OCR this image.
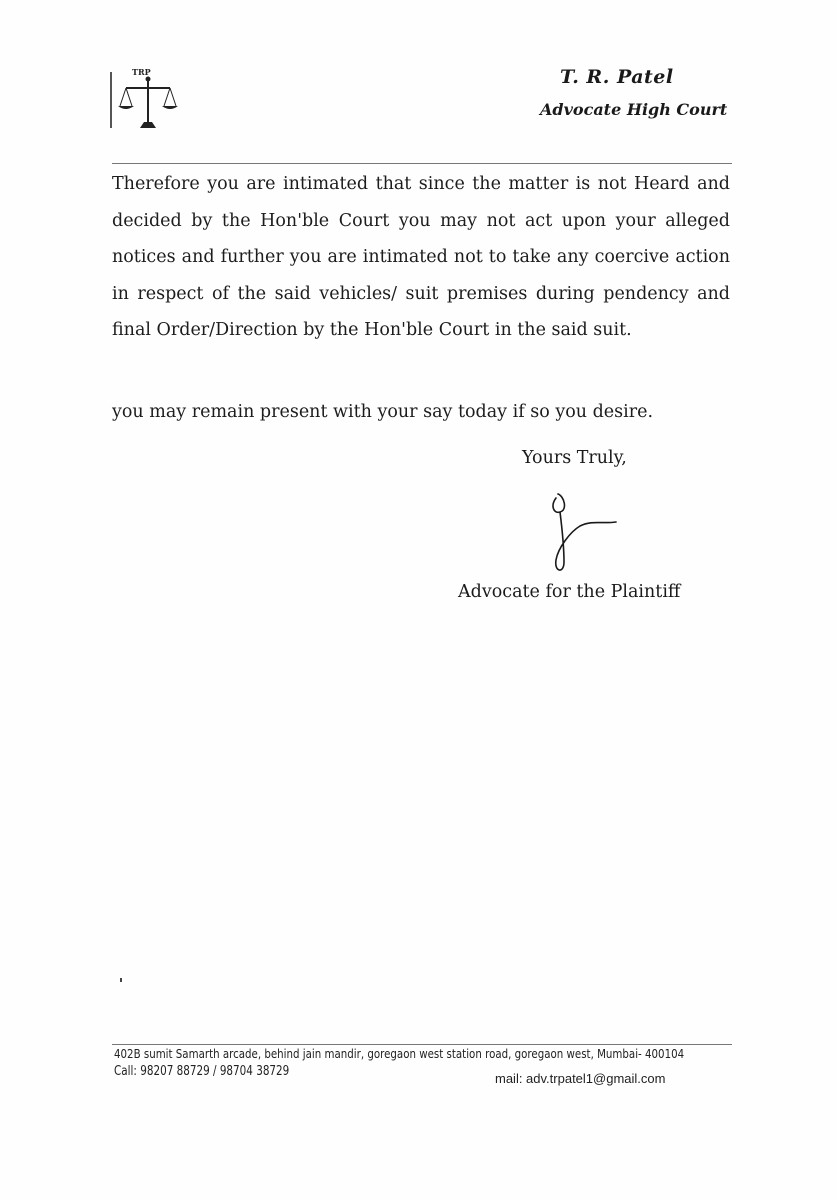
TRP	T. R. Patel
Advocate High Court

Therefore you are intimated that since the matter is not Heard and decided by the Hon'ble Court you may not act upon your alleged notices and further you are intimated not to take any coercive action in respect of the said vehicles/ suit premises during pendency and final Order/Direction by the Hon'ble Court in the said suit.

you may remain present with your say today if so you desire.

Yours Truly,
Advocate for the Plaintiff
402B sumit Samarth arcade, behind jain mandir, goregaon west station road, goregaon west, Mumbai- 400104
Call: 98207 88729 / 98704 38729	mail: adv.trpatel1@gmail.com
